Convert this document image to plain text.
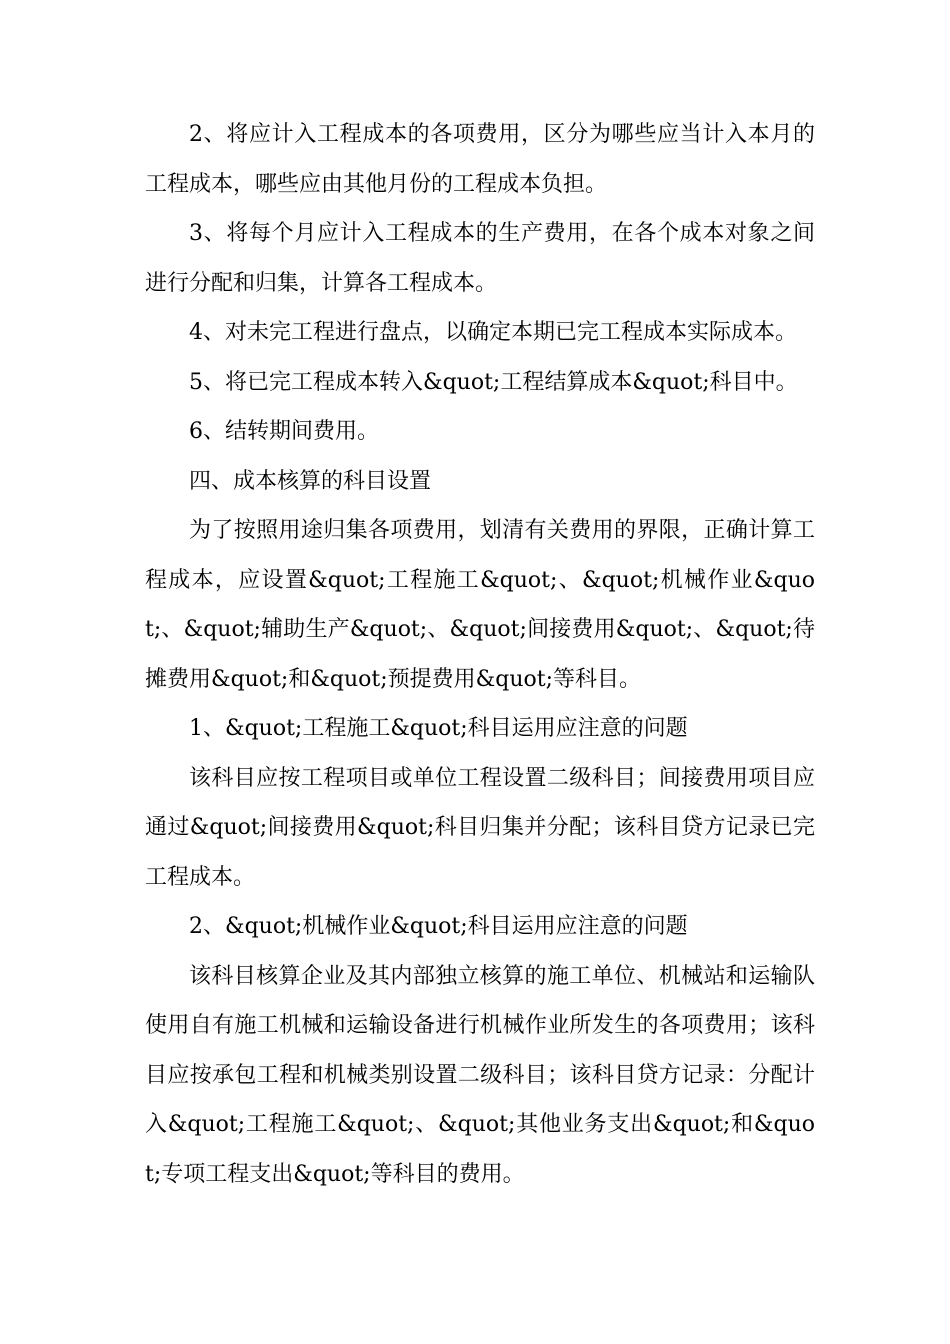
2、将应计入工程成本的各项费用，区分为哪些应当计入本月的工程成本，哪些应由其他月份的工程成本负担。

3、将每个月应计入工程成本的生产费用，在各个成本对象之间进行分配和归集，计算各工程成本。

4、对未完工程进行盘点，以确定本期已完工程成本实际成本。

5、将已完工程成本转入&quot;工程结算成本&quot;科目中。

6、结转期间费用。

四、成本核算的科目设置

为了按照用途归集各项费用，划清有关费用的界限，正确计算工程成本，应设置&quot;工程施工&quot;、&quot;机械作业&quot;、&quot;辅助生产&quot;、&quot;间接费用&quot;、&quot;待摊费用&quot;和&quot;预提费用&quot;等科目。

1、&quot;工程施工&quot;科目运用应注意的问题

该科目应按工程项目或单位工程设置二级科目；间接费用项目应通过&quot;间接费用&quot;科目归集并分配；该科目贷方记录已完工程成本。

2、&quot;机械作业&quot;科目运用应注意的问题

该科目核算企业及其内部独立核算的施工单位、机械站和运输队使用自有施工机械和运输设备进行机械作业所发生的各项费用；该科目应按承包工程和机械类别设置二级科目；该科目贷方记录：分配计入&quot;工程施工&quot;、&quot;其他业务支出&quot;和&quot;专项工程支出&quot;等科目的费用。
